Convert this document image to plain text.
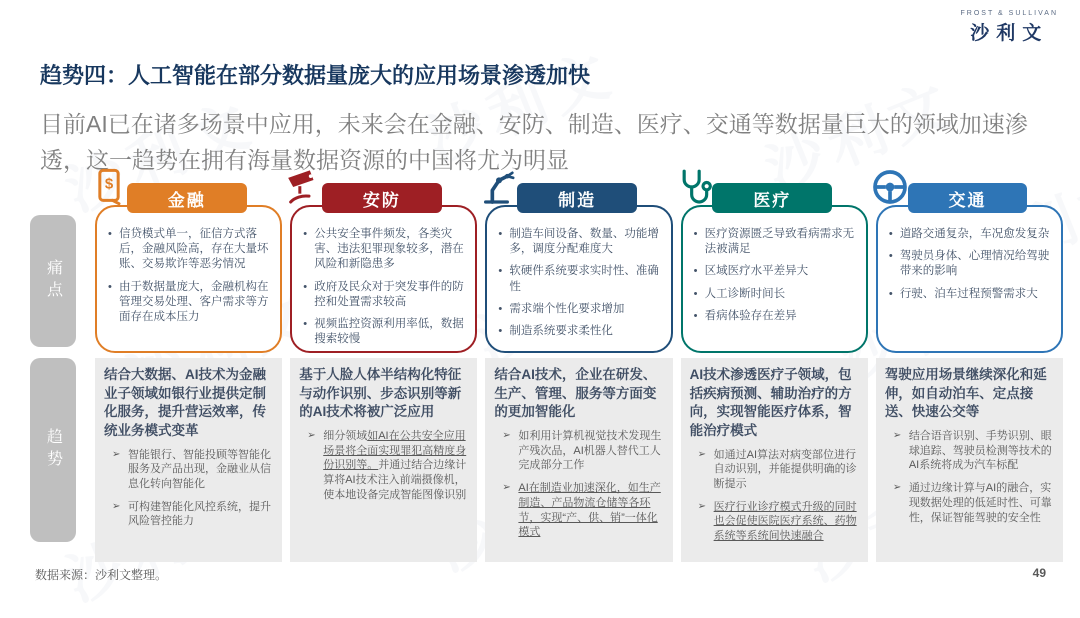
FROST & SULLIVAN
沙利文
趋势四：人工智能在部分数据量庞大的应用场景渗透加快

目前AI已在诸多场景中应用，未来会在金融、安防、制造、医疗、交通等数据量巨大的领域加速渗透，这一趋势在拥有海量数据资源的中国将尤为明显

痛点
趋势
$
金融
• 信贷模式单一，征信方式落后，金融风险高，存在大量坏账、交易欺诈等恶劣情况
• 由于数据量庞大，金融机构在管理交易处理、客户需求等方面存在成本压力
安防
• 公共安全事件频发，各类灾害、违法犯罪现象较多，潜在风险和新隐患多
• 政府及民众对于突发事件的防控和处置需求较高
• 视频监控资源利用率低，数据搜索较慢
制造
• 制造车间设备、数量、功能增多，调度分配难度大
• 软硬件系统要求实时性、准确性
• 需求端个性化要求增加
• 制造系统要求柔性化
医疗
• 医疗资源匮乏导致看病需求无法被满足
• 区域医疗水平差异大
• 人工诊断时间长
• 看病体验存在差异
交通
• 道路交通复杂，车况愈发复杂
• 驾驶员身体、心理情况给驾驶带来的影响
• 行驶、泊车过程预警需求大
结合大数据、AI技术为金融业子领域如银行业提供定制化服务，提升营运效率，传统业务模式变革
➢ 智能银行、智能投顾等智能化服务及产品出现，金融业从信息化转向智能化
➢ 可构建智能化风控系统，提升风险管控能力
基于人脸人体半结构化特征与动作识别、步态识别等新的AI技术将被广泛应用
➢ 细分领域如AI在公共安全应用场景将全面实现罪犯高精度身份识别等。并通过结合边缘计算将AI技术注入前端摄像机，使本地设备完成智能图像识别
结合AI技术，企业在研发、生产、管理、服务等方面变的更加智能化
➢ 如利用计算机视觉技术发现生产残次品，AI机器人替代工人完成部分工作
➢ AI在制造业加速深化，如生产制造、产品物流仓储等各环节，实现“产、供、销”一体化模式
AI技术渗透医疗子领域，包括疾病预测、辅助治疗的方向，实现智能医疗体系，智能治疗模式
➢ 如通过AI算法对病变部位进行自动识别，并能提供明确的诊断提示
➢ 医疗行业诊疗模式升级的同时也会促使医院医疗系统、药物系统等系统间快速融合
驾驶应用场景继续深化和延伸，如自动泊车、定点接送、快速公交等
➢ 结合语音识别、手势识别、眼球追踪、驾驶员检测等技术的AI系统将成为汽车标配
➢ 通过边缘计算与AI的融合，实现数据处理的低延时性、可靠性，保证智能驾驶的安全性
数据来源：沙利文整理。	49
